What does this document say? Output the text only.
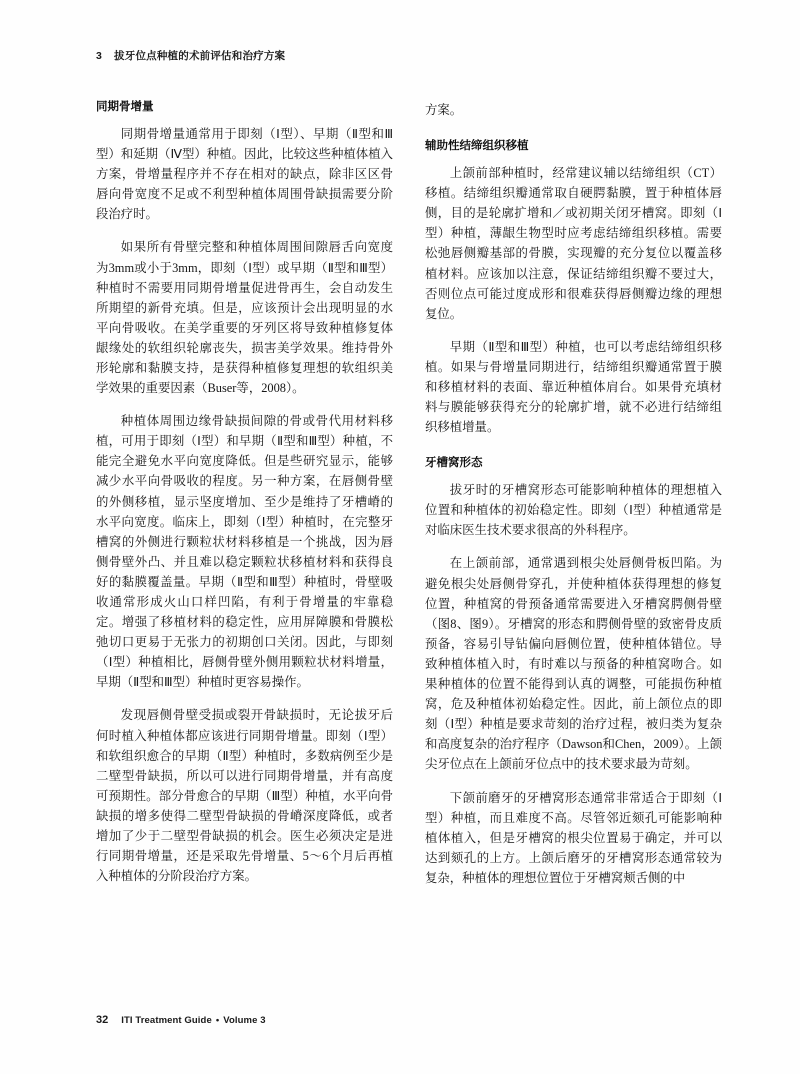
3 拔牙位点种植的术前评估和治疗方案
同期骨增量

同期骨增量通常用于即刻（Ⅰ型）、早期（Ⅱ型和Ⅲ型）和延期（Ⅳ型）种植。因此，比较这些种植体植入方案，骨增量程序并不存在相对的缺点，除非区区骨唇向骨宽度不足或不利型种植体周围骨缺损需要分阶段治疗时。

如果所有骨壁完整和种植体周围间隙唇舌向宽度为3mm或小于3mm，即刻（Ⅰ型）或早期（Ⅱ型和Ⅲ型）种植时不需要用同期骨增量促进骨再生，会自动发生所期望的新骨充填。但是，应该预计会出现明显的水平向骨吸收。在美学重要的牙列区将导致种植修复体龈缘处的软组织轮廓丧失，损害美学效果。维持骨外形轮廓和黏膜支持，是获得种植修复理想的软组织美学效果的重要因素（Buser等，2008）。

种植体周围边缘骨缺损间隙的骨或骨代用材料移植，可用于即刻（Ⅰ型）和早期（Ⅱ型和Ⅲ型）种植，不能完全避免水平向宽度降低。但是些研究显示，能够减少水平向骨吸收的程度。另一种方案，在唇侧骨壁的外侧移植，显示坚度增加、至少是维持了牙槽嵴的水平向宽度。临床上，即刻（Ⅰ型）种植时，在完整牙槽窝的外侧进行颗粒状材料移植是一个挑战，因为唇侧骨壁外凸、并且难以稳定颗粒状移植材料和获得良好的黏膜覆盖量。早期（Ⅱ型和Ⅲ型）种植时，骨壁吸收通常形成火山口样凹陷，有利于骨增量的牢靠稳定。增强了移植材料的稳定性，应用屏障膜和骨膜松弛切口更易于无张力的初期创口关闭。因此，与即刻（Ⅰ型）种植相比，唇侧骨壁外侧用颗粒状材料增量，早期（Ⅱ型和Ⅲ型）种植时更容易操作。

发现唇侧骨壁受损或裂开骨缺损时，无论拔牙后何时植入种植体都应该进行同期骨增量。即刻（Ⅰ型）和软组织愈合的早期（Ⅱ型）种植时，多数病例至少是二壁型骨缺损，所以可以进行同期骨增量，并有高度可预期性。部分骨愈合的早期（Ⅲ型）种植，水平向骨缺损的增多使得二壁型骨缺损的骨嵴深度降低，或者增加了少于二壁型骨缺损的机会。医生必须决定是进行同期骨增量，还是采取先骨增量、5～6个月后再植入种植体的分阶段治疗方案。

方案。

辅助性结缔组织移植

上颌前部种植时，经常建议辅以结缔组织（CT）移植。结缔组织瓣通常取自硬腭黏膜，置于种植体唇侧，目的是轮廓扩增和／或初期关闭牙槽窝。即刻（Ⅰ型）种植，薄龈生物型时应考虑结缔组织移植。需要松弛唇侧瓣基部的骨膜，实现瓣的充分复位以覆盖移植材料。应该加以注意，保证结缔组织瓣不要过大，否则位点可能过度成形和很难获得唇侧瓣边缘的理想复位。

早期（Ⅱ型和Ⅲ型）种植，也可以考虑结缔组织移植。如果与骨增量同期进行，结缔组织瓣通常置于膜和移植材料的表面、靠近种植体肩台。如果骨充填材料与膜能够获得充分的轮廓扩增，就不必进行结缔组织移植增量。

牙槽窝形态

拔牙时的牙槽窝形态可能影响种植体的理想植入位置和种植体的初始稳定性。即刻（Ⅰ型）种植通常是对临床医生技术要求很高的外科程序。

在上颌前部，通常遇到根尖处唇侧骨板凹陷。为避免根尖处唇侧骨穿孔，并使种植体获得理想的修复位置，种植窝的骨预备通常需要进入牙槽窝腭侧骨壁（图8、图9）。牙槽窝的形态和腭侧骨壁的致密骨皮质预备，容易引导钻偏向唇侧位置，使种植体错位。导致种植体植入时，有时难以与预备的种植窝吻合。如果种植体的位置不能得到认真的调整，可能损伤种植窝，危及种植体初始稳定性。因此，前上颌位点的即刻（Ⅰ型）种植是要求苛刻的治疗过程，被归类为复杂和高度复杂的治疗程序（Dawson和Chen，2009）。上颌尖牙位点在上颌前牙位点中的技术要求最为苛刻。

下颌前磨牙的牙槽窝形态通常非常适合于即刻（Ⅰ型）种植，而且难度不高。尽管邻近颏孔可能影响种植体植入，但是牙槽窝的根尖位置易于确定，并可以达到颏孔的上方。上颌后磨牙的牙槽窝形态通常较为复杂，种植体的理想位置位于牙槽窝颊舌侧的中

32 ITI Treatment Guide • Volume 3
